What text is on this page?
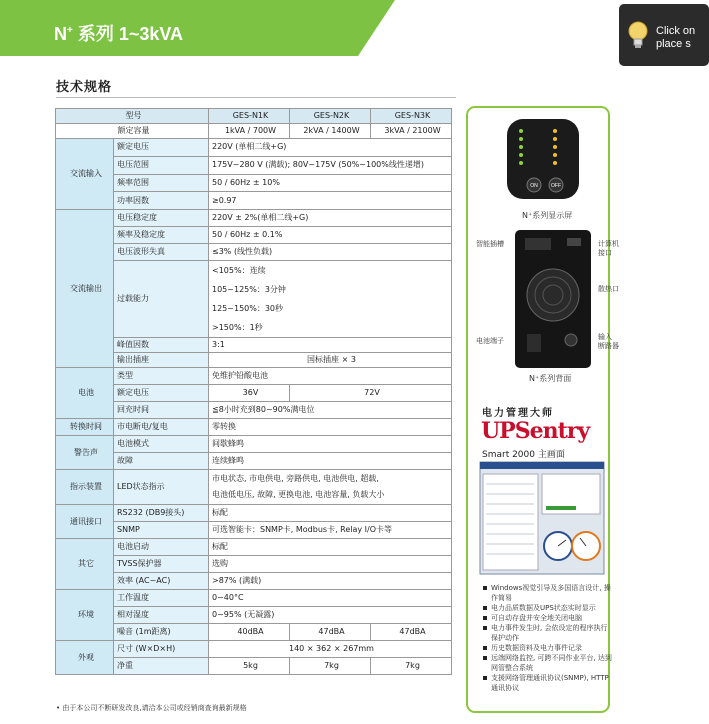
N+ 系列 1~3kVA	Click on
place s
技术规格
型号		GES-N1K	GES-N2K	GES-N3K
额定容量		1kVA / 700W	2kVA / 1400W	3kVA / 2100W
交流输入	额定电压	220V (单相二线+G)		
	电压范围	175V~280 V (满载); 80V~175V (50%~100%线性递增)		
	频率范围	50 / 60Hz ± 10%		
	功率因数	≥0.97		
交流输出	电压稳定度	220V ± 2%(单相二线+G)		
	频率及稳定度	50 / 60Hz ± 0.1%		
	电压波形失真	≤3% (线性负载)		
	过载能力	<105%：连续
105~125%：3分钟
125~150%：30秒
>150%：1秒		

	峰值因数	3:1		
	输出插座	国标插座 × 3		
电池	类型	免维护铅酸电池		
	额定电压	36V	72V	
	回充时间	≦8小时充到80~90%满电位		
转换时间	市电断电/复电	零转换		
警告声	电池模式	间歇蜂鸣		
	故障	连续蜂鸣		
指示装置	LED状态指示	市电状态, 市电供电, 旁路供电, 电池供电, 超载,
电池低电压, 故障, 更换电池, 电池容量, 负载大小		

通讯接口	RS232 (DB9接头)	标配		
	SNMP	可选智能卡：SNMP卡, Modbus卡, Relay I/O卡等		
其它	电池启动	标配		
	TVSS保护器	选购		
	效率 (AC~AC)	>87% (满载)		
环境	工作温度	0~40°C		
	相对湿度	0~95% (无凝露)		
	噪音 (1m距离)	40dBA	47dBA	47dBA
外观	尺寸 (W×D×H)	140 × 362 × 267mm		
	净重	5kg	7kg	7kg
• 由于本公司不断研发改良,请洽本公司或经销商查询最新规格
ON	OFF
N⁺系列显示屏
智能插槽	计算机
接口
散热口
电池端子	输入
断路器
N⁺系列背面
电力管理大师
UPSentry
Smart 2000 主画面
Windows视觉引导及多国语言设计, 操作简易
电力品质数据及UPS状态实时显示
可自动存盘并安全地关闭电脑
电力事件发生时, 会依设定的程序执行保护动作
历史数据资料及电力事件记录
远端网络监控, 可跨不同作业平台, 达到网管整合系统
支援网络管理通讯协议(SNMP), HTTP通讯协议
